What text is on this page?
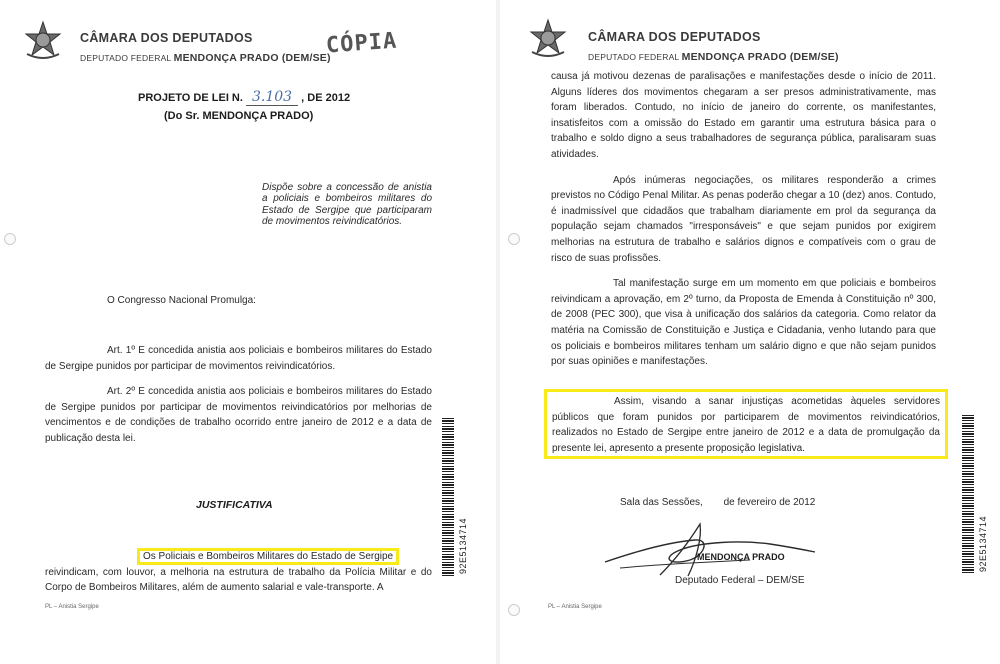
CÂMARA DOS DEPUTADOS
DEPUTADO FEDERAL MENDONÇA PRADO (DEM/SE)
CÓPIA
PROJETO DE LEI N. 3.103 , DE 2012
(Do Sr. MENDONÇA PRADO)
Dispõe sobre a concessão de anistia a policiais e bombeiros militares do Estado de Sergipe que participaram de movimentos reivindicatórios.

O Congresso Nacional Promulga:

Art. 1º E concedida anistia aos policiais e bombeiros militares do Estado de Sergipe punidos por participar de movimentos reivindicatórios.

Art. 2º E concedida anistia aos policiais e bombeiros militares do Estado de Sergipe punidos por participar de movimentos reivindicatórios por melhorias de vencimentos e de condições de trabalho ocorrido entre janeiro de 2012 e a data de publicação desta lei.

JUSTIFICATIVA
Os Policiais e Bombeiros Militares do Estado de Sergipe
reivindicam, com louvor, a melhoria na estrutura de trabalho da Polícia Militar e do Corpo de Bombeiros Militares, além de aumento salarial e vale-transporte. A
PL – Anistia Sergipe
92E5134714
CÂMARA DOS DEPUTADOS
DEPUTADO FEDERAL MENDONÇA PRADO (DEM/SE)

causa já motivou dezenas de paralisações e manifestações desde o início de 2011. Alguns líderes dos movimentos chegaram a ser presos administrativamente, mas foram liberados. Contudo, no início de janeiro do corrente, os manifestantes, insatisfeitos com a omissão do Estado em garantir uma estrutura básica para o trabalho e soldo digno a seus trabalhadores de segurança pública, paralisaram suas atividades.

Após inúmeras negociações, os militares responderão a crimes previstos no Código Penal Militar. As penas poderão chegar a 10 (dez) anos. Contudo, é inadmissível que cidadãos que trabalham diariamente em prol da segurança da população sejam chamados "irresponsáveis" e que sejam punidos por exigirem melhorias na estrutura de trabalho e salários dignos e compatíveis com o grau de risco de suas profissões.

Tal manifestação surge em um momento em que policiais e bombeiros reivindicam a aprovação, em 2º turno, da Proposta de Emenda à Constituição nº 300, de 2008 (PEC 300), que visa à unificação dos salários da categoria. Como relator da matéria na Comissão de Constituição e Justiça e Cidadania, venho lutando para que os policiais e bombeiros militares tenham um salário digno e que não sejam punidos por suas opiniões e manifestações.

Assim, visando a sanar injustiças acometidas àqueles servidores públicos que foram punidos por participarem de movimentos reivindicatórios, realizados no Estado de Sergipe entre janeiro de 2012 e a data de promulgação da presente lei, apresento a presente proposição legislativa.

Sala das Sessões, de fevereiro de 2012
MENDONÇA PRADO
Deputado Federal – DEM/SE
PL – Anistia Sergipe
92E5134714
